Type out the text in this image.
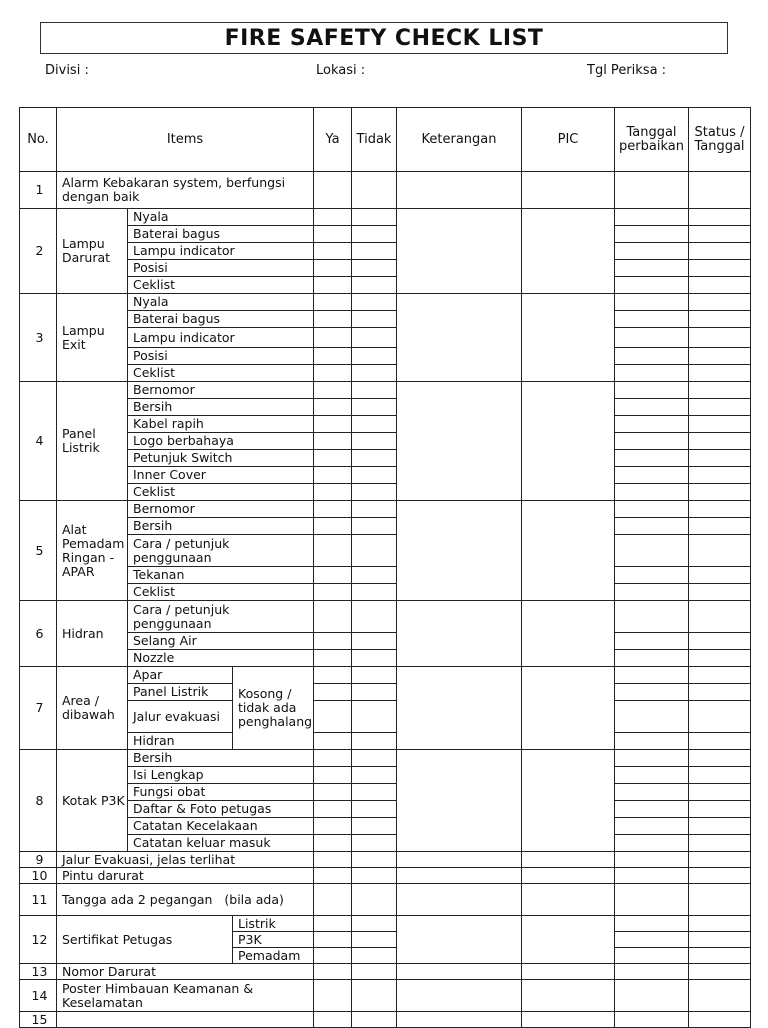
FIRE SAFETY CHECK LIST
Divisi :	Lokasi :	Tgl Periksa :
No.	Items			Ya	Tidak	Keterangan	PIC	Tanggal perbaikan	Status / Tanggal
1	Alarm Kebakaran system, berfungsi dengan baik								
2	Lampu Darurat	Nyala							
		Baterai bagus							
		Lampu indicator							
		Posisi							
		Ceklist							
3	Lampu Exit	Nyala							
		Baterai bagus							
		Lampu indicator							
		Posisi							
		Ceklist							
4	Panel Listrik	Bernomor							
		Bersih							
		Kabel rapih							
		Logo berbahaya							
		Petunjuk Switch							
		Inner Cover							
		Ceklist							
5	Alat Pemadam Ringan - APAR	Bernomor							
		Bersih							
		Cara / petunjuk penggunaan							
		Tekanan							
		Ceklist							
6	Hidran	Cara / petunjuk penggunaan							
		Selang Air							
		Nozzle							
7	Area / dibawah	Apar	Kosong / tidak ada penghalang						
		Panel Listrik							
		Jalur evakuasi							
		Hidran							
8	Kotak P3K	Bersih							
		Isi Lengkap							
		Fungsi obat							
		Daftar & Foto petugas							
		Catatan Kecelakaan							
		Catatan keluar masuk							
9	Jalur Evakuasi, jelas terlihat								
10	Pintu darurat								
11	Tangga ada 2 pegangan   (bila ada)								
12	Sertifikat Petugas		Listrik						
			P3K						
			Pemadam						
13	Nomor Darurat								
14	Poster Himbauan Keamanan & Keselamatan								
15									
